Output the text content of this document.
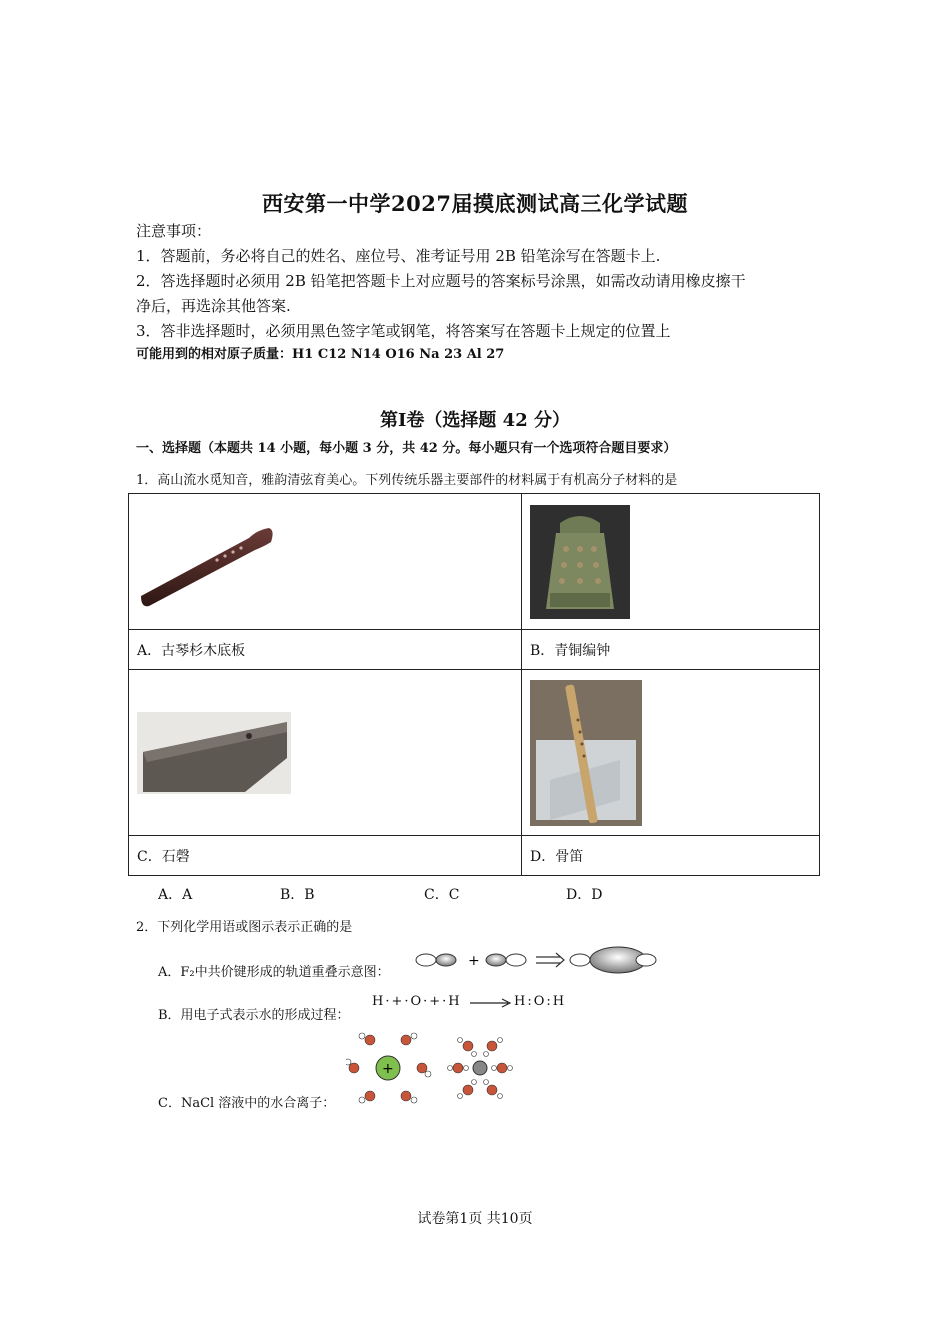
西安第一中学2027届摸底测试高三化学试题
注意事项：
1．答题前，务必将自己的姓名、座位号、准考证号用 2B 铅笔涂写在答题卡上.
2．答选择题时必须用 2B 铅笔把答题卡上对应题号的答案标号涂黑，如需改动请用橡皮擦干
净后，再选涂其他答案.
3．答非选择题时，必须用黑色签字笔或钢笔，将答案写在答题卡上规定的位置上
可能用到的相对原子质量：H1 C12 N14 O16 Na 23 Al 27
第I卷（选择题 42 分）
一、选择题（本题共 14 小题，每小题 3 分，共 42 分。每小题只有一个选项符合题目要求）
1．高山流水觅知音，雅韵清弦育美心。下列传统乐器主要部件的材料属于有机高分子材料的是

A．古琴杉木底板	B．青铜编钟

C．石磬	D．骨笛
A．A	B．B	C．C	D．D
2．下列化学用语或图示表示正确的是
A．F₂中共价键形成的轨道重叠示意图：
+
B．用电子式表示水的形成过程：
H·+·O·+·H	H:O:H
C．NaCl 溶液中的水合离子：
+
试卷第1页 共10页
